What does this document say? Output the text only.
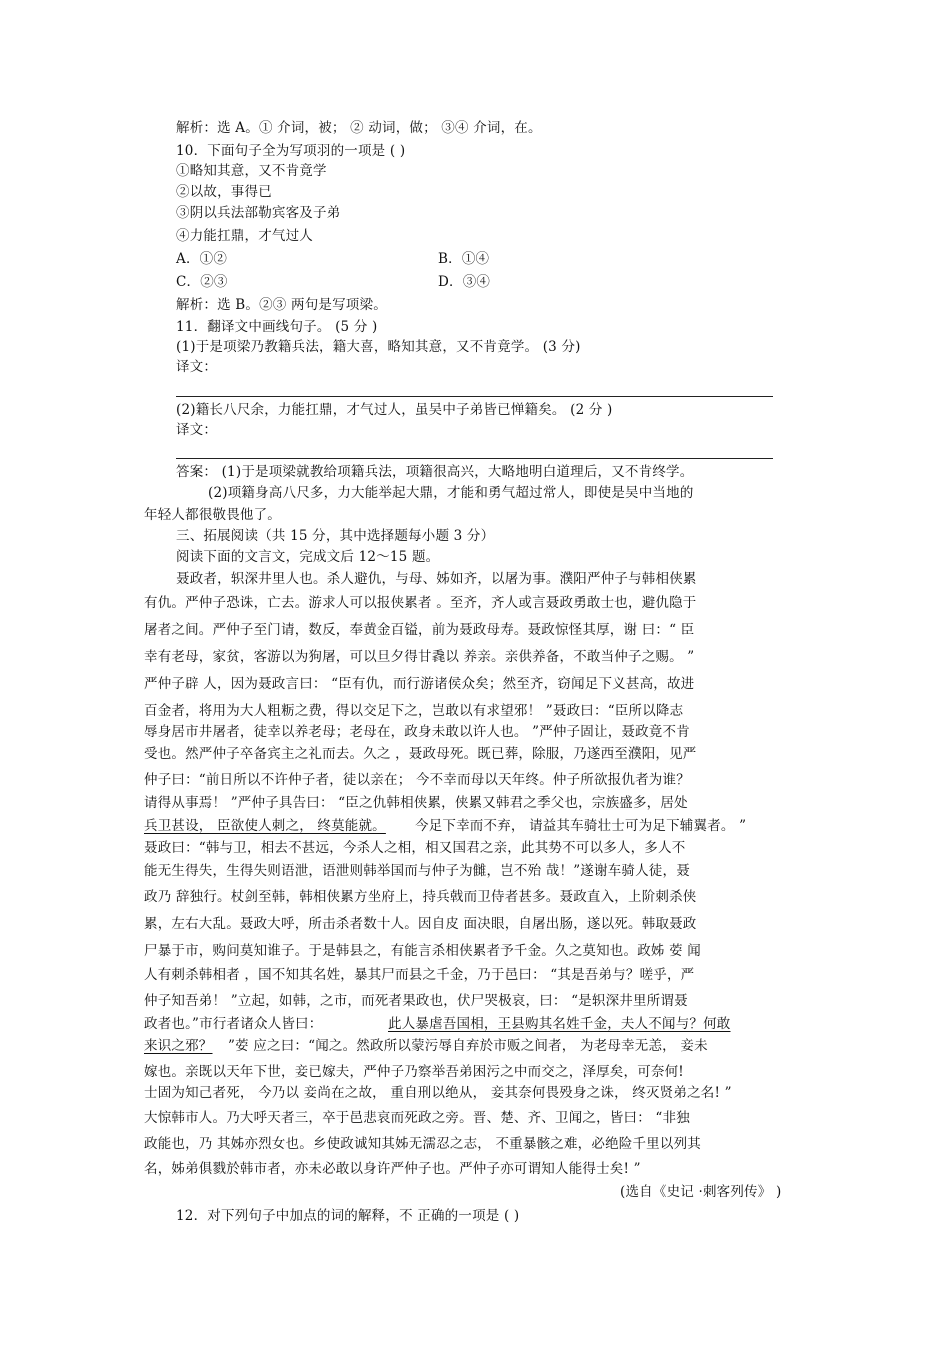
解析：选 A。① 介词，被； ② 动词，做； ③④ 介词，在。
10．下面句子全为写项羽的一项是 ( )
①略知其意，又不肯竟学
②以故，事得已
③阴以兵法部勒宾客及子弟
④力能扛鼎，才气过人
A．①②	B．①④
C．②③	D．③④
解析：选 B。②③ 两句是写项梁。
11．翻译文中画线句子。 (5 分 )
(1)于是项梁乃教籍兵法，籍大喜，略知其意，又不肯竟学。 (3 分)
译文：
(2)籍长八尺余，力能扛鼎，才气过人，虽吴中子弟皆已惮籍矣。 (2 分 )
译文：
答案： (1)于是项梁就教给项籍兵法，项籍很高兴，大略地明白道理后，又不肯终学。
(2)项籍身高八尺多，力大能举起大鼎，才能和勇气超过常人，即使是吴中当地的
年轻人都很敬畏他了。
三、拓展阅读（共 15 分，其中选择题每小题 3 分）
阅读下面的文言文，完成文后 12～15 题。
聂政者，轵深井里人也。杀人避仇，与母、姊如齐，以屠为事。濮阳严仲子与韩相侠累
有仇。严仲子恐诛，亡去。游求人可以报侠累者 。至齐，齐人或言聂政勇敢士也，避仇隐于
屠者之间。严仲子至门请，数反，奉黄金百镒，前为聂政母寿。聂政惊怪其厚，谢 曰：“ 臣
幸有老母，家贫，客游以为狗屠，可以旦夕得甘毳以 养亲。亲供养备，不敢当仲子之赐。 ”
严仲子辟 人，因为聂政言曰： “臣有仇，而行游诸侯众矣；然至齐，窃闻足下义甚高，故进
百金者，将用为大人粗粝之费，得以交足下之，岂敢以有求望邪！ ”聂政曰：“臣所以降志
辱身居市井屠者，徒幸以养老母；老母在，政身未敢以许人也。 ”严仲子固让，聂政竟不肯
受也。然严仲子卒备宾主之礼而去。久之 ，聂政母死。既已葬，除服，乃遂西至濮阳，见严
仲子曰：“前日所以不许仲子者，徒以亲在； 今不幸而母以天年终。仲子所欲报仇者为谁？
请得从事焉！ ”严仲子具告曰： “臣之仇韩相侠累，侠累又韩君之季父也，宗族盛多，居处
兵卫甚设， 臣欲使人刺之， 终莫能就。 今足下幸而不弃， 请益其车骑壮士可为足下辅翼者。 ”
聂政曰：“韩与卫，相去不甚远，今杀人之相，相又国君之亲，此其势不可以多人，多人不
能无生得失，生得失则语泄，语泄则韩举国而与仲子为雠，岂不殆 哉！”遂谢车骑人徒，聂
政乃 辞独行。杖剑至韩，韩相侠累方坐府上，持兵戟而卫侍者甚多。聂政直入，上阶刺杀侠
累，左右大乱。聂政大呼，所击杀者数十人。因自皮 面决眼，自屠出肠，遂以死。韩取聂政
尸暴于市，购问莫知谁子。于是韩县之，有能言杀相侠累者予千金。久之莫知也。政姊 荌 闻
人有刺杀韩相者 ，国不知其名姓，暴其尸而县之千金，乃于邑曰： “其是吾弟与？嗟乎，严
仲子知吾弟！ ”立起，如韩，之市，而死者果政也，伏尸哭极哀，曰： “是轵深井里所谓聂
政者也。”市行者诸众人皆曰：	此人暴虐吾国相，王县购其名姓千金，夫人不闻与？何敢
来识之邪？ ”荌 应之曰：“闻之。然政所以蒙污辱自弃於市贩之间者， 为老母幸无恙， 妾未
嫁也。亲既以天年下世，妾已嫁夫，严仲子乃察举吾弟困污之中而交之，泽厚矣，可奈何!
士固为知己者死， 今乃以 妾尚在之故， 重自刑以绝从， 妾其奈何畏殁身之诛， 终灭贤弟之名! ”
大惊韩市人。乃大呼天者三，卒于邑悲哀而死政之旁。晋、楚、齐、卫闻之，皆曰： “非独
政能也，乃 其姊亦烈女也。乡使政诚知其姊无濡忍之志， 不重暴骸之难，必绝险千里以列其
名，姊弟俱戮於韩市者，亦未必敢以身许严仲子也。严仲子亦可谓知人能得士矣! ”
(选自《史记 ·刺客列传》 )
12．对下列句子中加点的词的解释，不 正确的一项是 ( )
